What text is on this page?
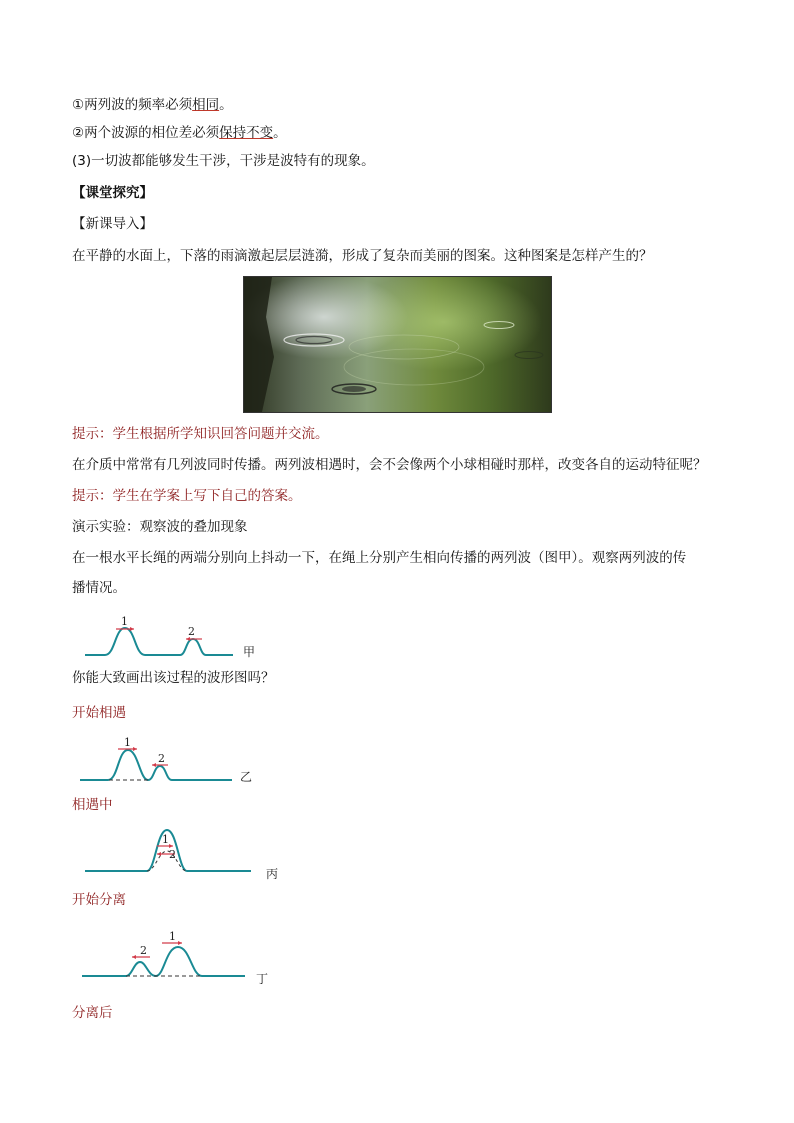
①两列波的频率必须相同。
②两个波源的相位差必须保持不变。
(3)一切波都能够发生干涉，干涉是波特有的现象。
【课堂探究】
【新课导入】
在平静的水面上，下落的雨滴激起层层涟漪，形成了复杂而美丽的图案。这种图案是怎样产生的？
提示：学生根据所学知识回答问题并交流。
在介质中常常有几列波同时传播。两列波相遇时，会不会像两个小球相碰时那样，改变各自的运动特征呢？
提示：学生在学案上写下自己的答案。
演示实验：观察波的叠加现象
在一根水平长绳的两端分别向上抖动一下，在绳上分别产生相向传播的两列波（图甲）。观察两列波的传
播情况。
1
2
甲
你能大致画出该过程的波形图吗？
开始相遇
1
2
乙
相遇中
1
2
丙
开始分离
2
1
丁
分离后
